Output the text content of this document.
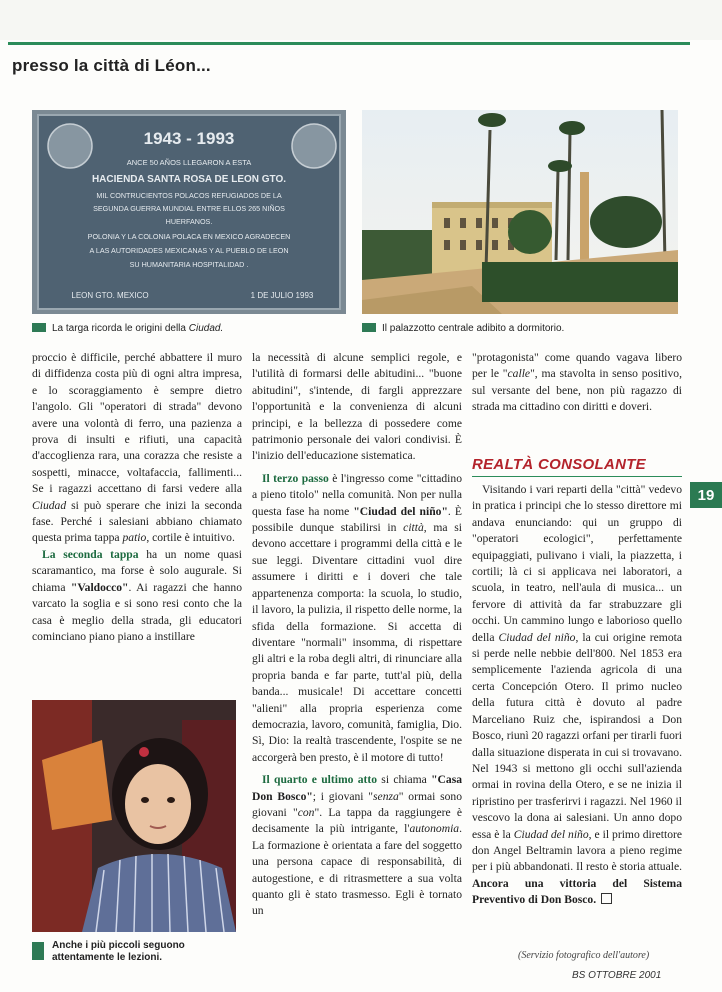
presso la città di Léon...
1943 - 1993
ANCE 50 AÑOS LLEGARON A ESTA
HACIENDA SANTA ROSA DE LEON GTO.
MIL CONTRUCIENTOS POLACOS REFUGIADOS DE LA
SEGUNDA GUERRA MUNDIAL ENTRE ELLOS 265 NIÑOS
HUERFANOS.
POLONIA Y LA COLONIA POLACA EN MEXICO AGRADECEN
A LAS AUTORIDADES MEXICANAS Y AL PUEBLO DE LEON
SU HUMANITARIA HOSPITALIDAD .
LEON GTO. MEXICO	1 DE JULIO 1993
La targa ricorda le origini della Ciudad.	Il palazzotto centrale adibito a dormitorio.

proccio è difficile, perché abbattere il muro di diffidenza costa più di ogni altra impresa, e lo scoraggiamento è sempre dietro l'angolo. Gli "operatori di strada" devono avere una volontà di ferro, una pazienza a prova di insulti e rifiuti, una capacità d'accoglienza rara, una corazza che resiste a sospetti, minacce, voltafaccia, fallimenti... Se i ragazzi accettano di farsi vedere alla Ciudad si può sperare che inizi la seconda fase. Perché i salesiani abbiano chiamato questa prima tappa patio, cortile è intuitivo.

La seconda tappa ha un nome quasi scaramantico, ma forse è solo augurale. Si chiama "Valdocco". Ai ragazzi che hanno varcato la soglia e si sono resi conto che la casa è meglio della strada, gli educatori cominciano piano piano a instillare

Anche i più piccoli seguono
attentamente le lezioni.

la necessità di alcune semplici regole, e l'utilità di formarsi delle abitudini... "buone abitudini", s'intende, di fargli apprezzare l'opportunità e la convenienza di alcuni principi, e la bellezza di possedere come patrimonio personale dei valori condivisi. È l'inizio dell'educazione sistematica.

Il terzo passo è l'ingresso come "cittadino a pieno titolo" nella comunità. Non per nulla questa fase ha nome "Ciudad del niño". È possibile dunque stabilirsi in città, ma si devono accettare i programmi della città e le sue leggi. Diventare cittadini vuol dire assumere i diritti e i doveri che tale appartenenza comporta: la scuola, lo studio, il lavoro, la pulizia, il rispetto delle norme, la sfida della formazione. Si accetta di diventare "normali" insomma, di rispettare gli altri e la roba degli altri, di rinunciare alla propria banda e far parte, tutt'al più, della banda... musicale! Di accettare concetti "alieni" alla propria esperienza come democrazia, lavoro, comunità, famiglia, Dio. Sì, Dio: la realtà trascendente, l'ospite se ne accorgerà ben presto, è il motore di tutto!

Il quarto e ultimo atto si chiama "Casa Don Bosco"; i giovani "senza" ormai sono giovani "con". La tappa da raggiungere è decisamente la più intrigante, l'autonomia. La formazione è orientata a fare del soggetto una persona capace di responsabilità, di autogestione, e di ritrasmettere a sua volta quanto gli è stato trasmesso. Egli è tornato un

"protagonista" come quando vagava libero per le "calle", ma stavolta in senso positivo, sul versante del bene, non più ragazzo di strada ma cittadino con diritti e doveri.

REALTÀ CONSOLANTE

Visitando i vari reparti della "città" vedevo in pratica i principi che lo stesso direttore mi andava enunciando: qui un gruppo di "operatori ecologici", perfettamente equipaggiati, pulivano i viali, la piazzetta, i cortili; là ci si applicava nei laboratori, a scuola, in teatro, nell'aula di musica... un fervore di attività da far strabuzzare gli occhi. Un cammino lungo e laborioso quello della Ciudad del niño, la cui origine remota si perde nelle nebbie dell'800. Nel 1853 era semplicemente l'azienda agricola di una certa Concepción Otero. Il primo nucleo della futura città è dovuto al padre Marceliano Ruiz che, ispirandosi a Don Bosco, riunì 20 ragazzi orfani per tirarli fuori dalla situazione disperata in cui si trovavano. Nel 1943 si mettono gli occhi sull'azienda ormai in rovina della Otero, e se ne inizia il ripristino per trasferirvi i ragazzi. Nel 1960 il vescovo la dona ai salesiani. Un anno dopo essa è la Ciudad del niño, e il primo direttore don Angel Beltramin lavora a pieno regime per i più abbandonati. Il resto è storia attuale. Ancora una vittoria del Sistema Preventivo di Don Bosco.

19
(Servizio fotografico dell'autore)
BS OTTOBRE 2001
